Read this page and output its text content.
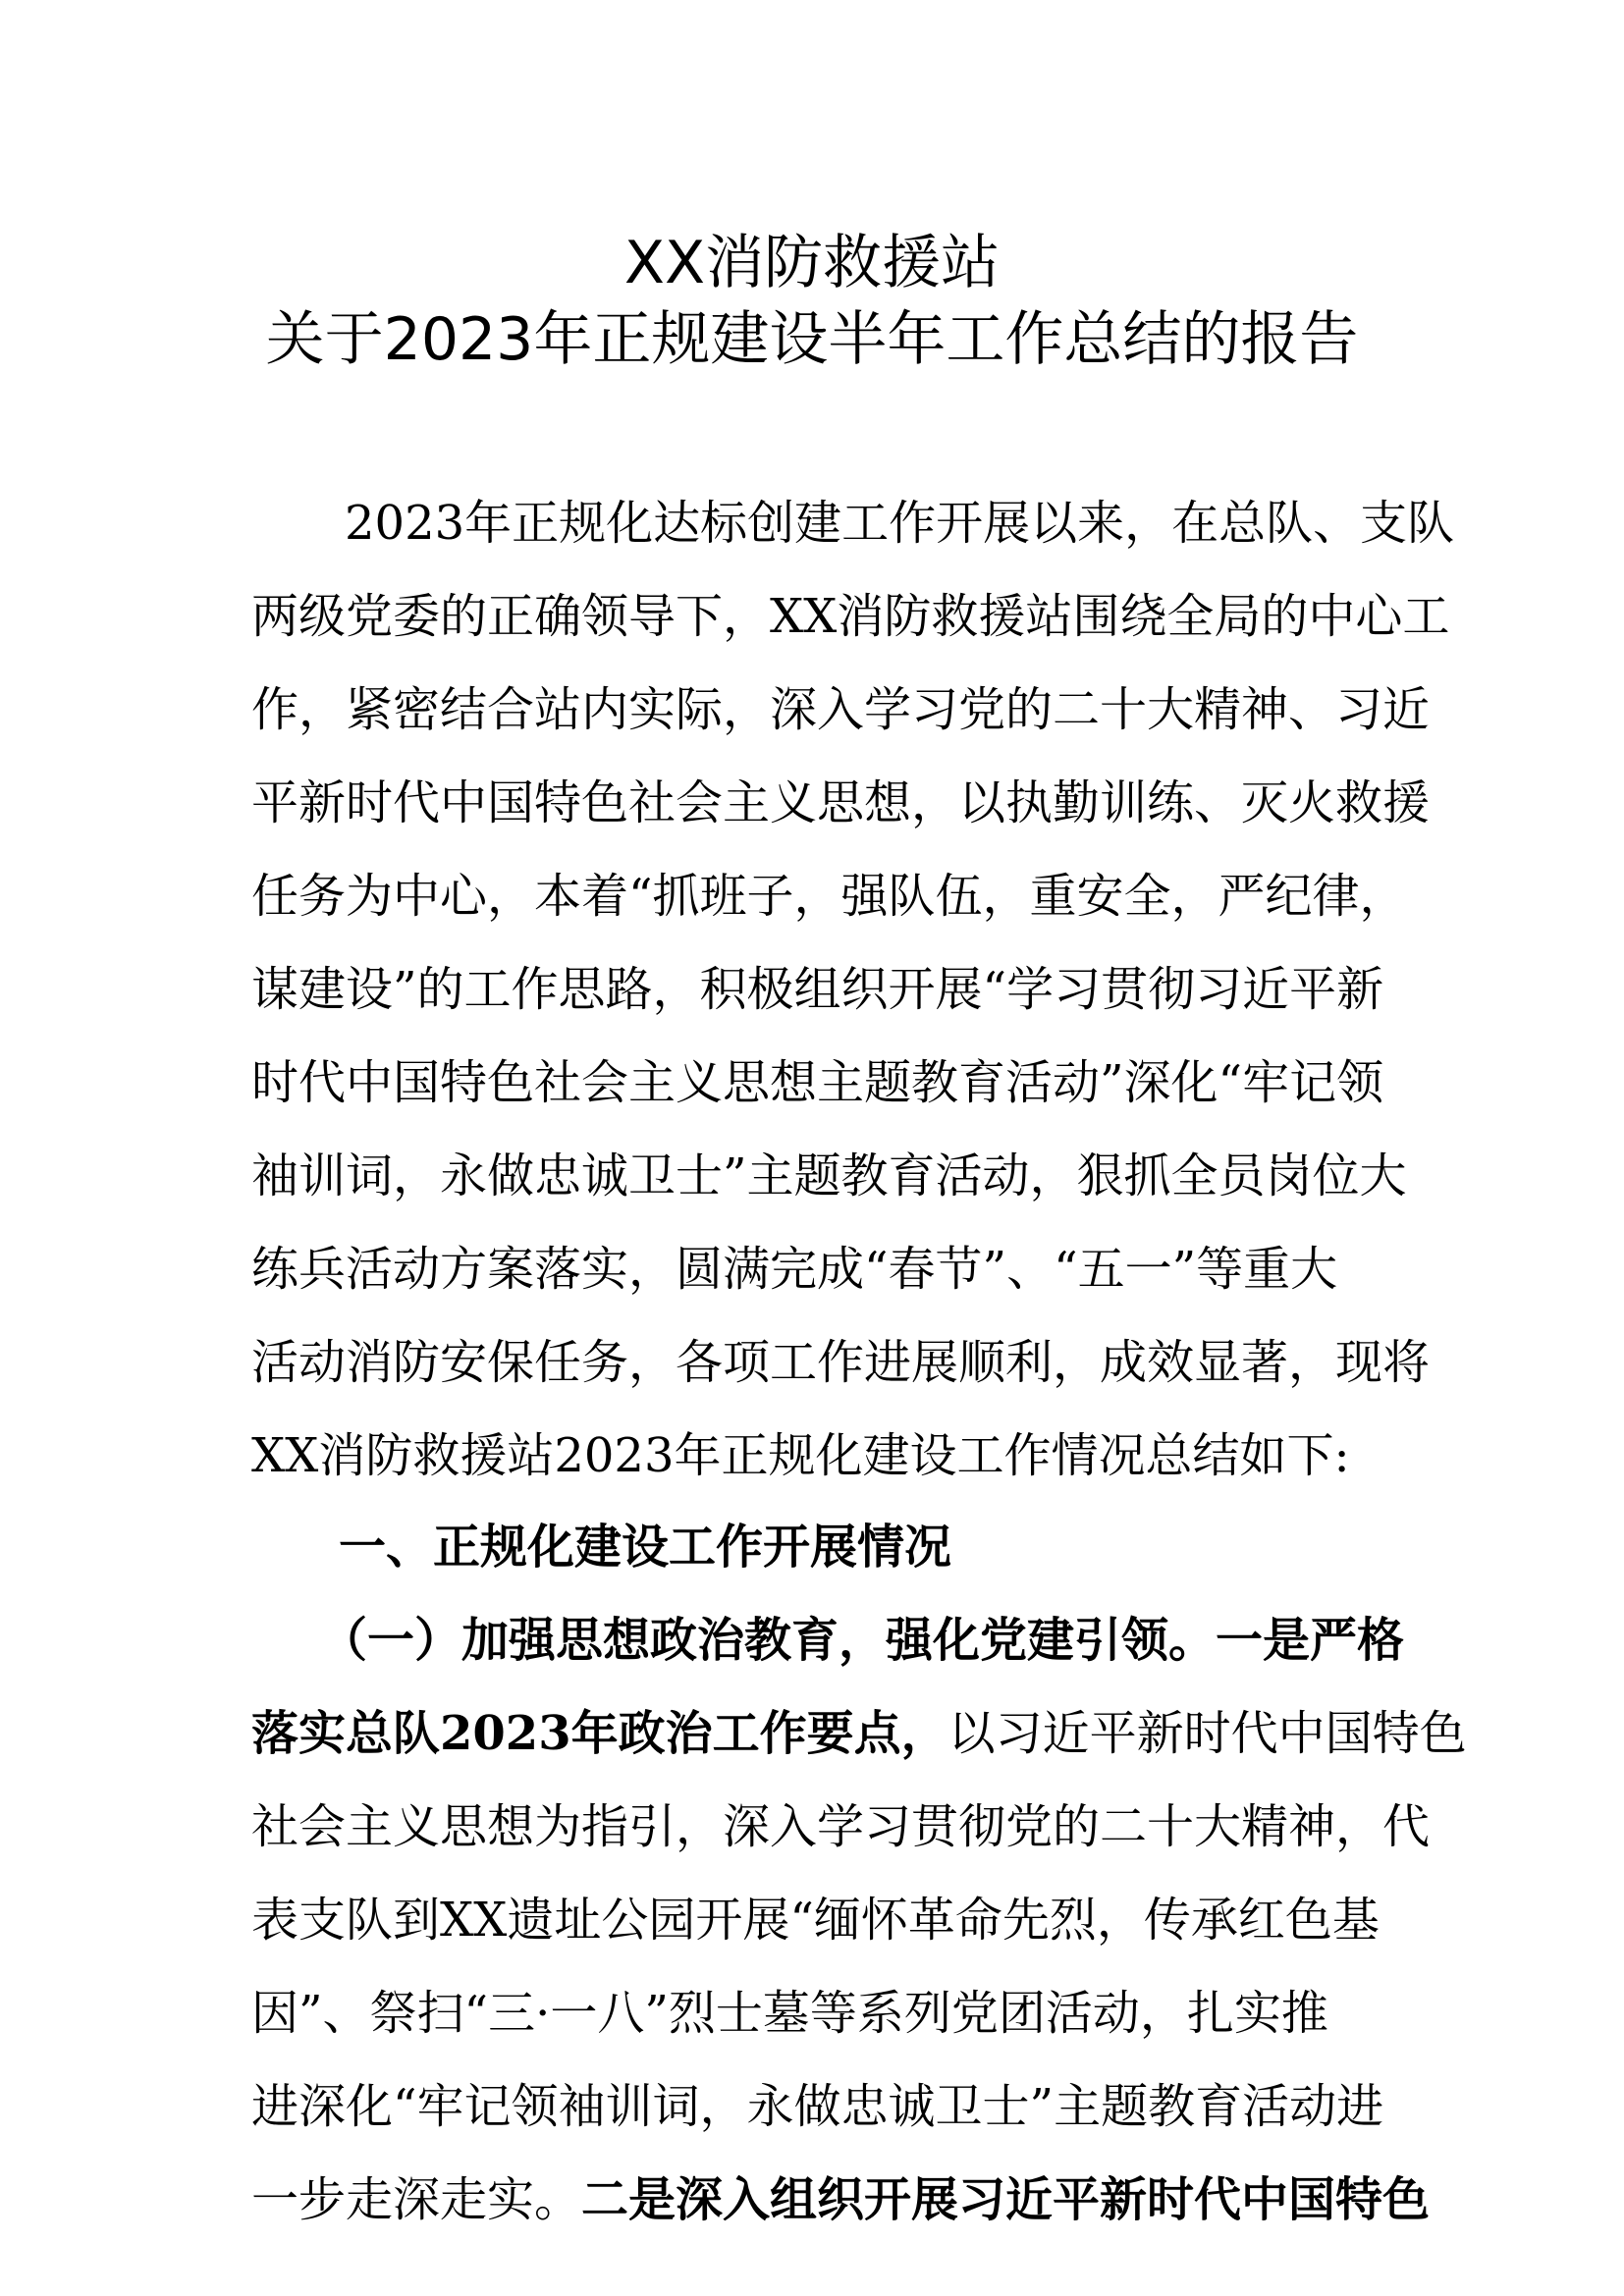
XX消防救援站
关于2023年正规建设半年工作总结的报告
2023年正规化达标创建工作开展以来，在总队、支队
两级党委的正确领导下，XX消防救援站围绕全局的中心工
作，紧密结合站内实际，深入学习党的二十大精神、习近
平新时代中国特色社会主义思想，以执勤训练、灭火救援
任务为中心，本着“抓班子，强队伍，重安全，严纪律，
谋建设”的工作思路，积极组织开展“学习贯彻习近平新
时代中国特色社会主义思想主题教育活动”深化“牢记领
袖训词，永做忠诚卫士”主题教育活动，狠抓全员岗位大
练兵活动方案落实，圆满完成“春节”、“五一”等重大
活动消防安保任务，各项工作进展顺利，成效显著，现将
XX消防救援站2023年正规化建设工作情况总结如下:
一、正规化建设工作开展情况
（一）加强思想政治教育，强化党建引领。一是严格
落实总队2023年政治工作要点，以习近平新时代中国特色
社会主义思想为指引，深入学习贯彻党的二十大精神，代
表支队到XX遗址公园开展“缅怀革命先烈，传承红色基
因”、祭扫“三·一八”烈士墓等系列党团活动，扎实推
进深化“牢记领袖训词，永做忠诚卫士”主题教育活动进
一步走深走实。二是深入组织开展习近平新时代中国特色
